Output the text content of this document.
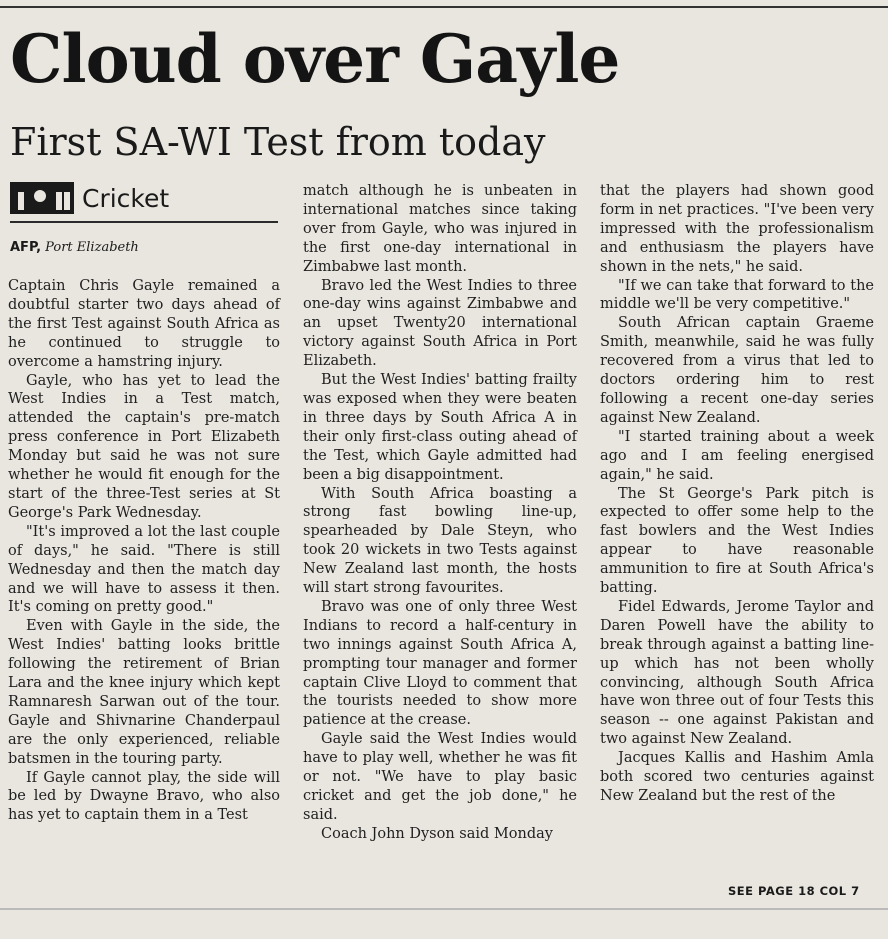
Cloud over Gayle
First SA-WI Test from today
Cricket
AFP, Port Elizabeth

Captain Chris Gayle remained a doubtful starter two days ahead of the first Test against South Africa as he continued to struggle to overcome a hamstring injury.

Gayle, who has yet to lead the West Indies in a Test match, attended the captain's pre-match press conference in Port Elizabeth Monday but said he was not sure whether he would fit enough for the start of the three-Test series at St George's Park Wednesday.

"It's improved a lot the last couple of days," he said. "There is still Wednesday and then the match day and we will have to assess it then. It's coming on pretty good."

Even with Gayle in the side, the West Indies' batting looks brittle following the retirement of Brian Lara and the knee injury which kept Ramnaresh Sarwan out of the tour. Gayle and Shivnarine Chanderpaul are the only experienced, reliable batsmen in the touring party.

If Gayle cannot play, the side will be led by Dwayne Bravo, who also has yet to captain them in a Test

match although he is unbeaten in international matches since taking over from Gayle, who was injured in the first one-day international in Zimbabwe last month.

Bravo led the West Indies to three one-day wins against Zimbabwe and an upset Twenty20 international victory against South Africa in Port Elizabeth.

But the West Indies' batting frailty was exposed when they were beaten in three days by South Africa A in their only first-class outing ahead of the Test, which Gayle admitted had been a big disappointment.

With South Africa boasting a strong fast bowling line-up, spearheaded by Dale Steyn, who took 20 wickets in two Tests against New Zealand last month, the hosts will start strong favourites.

Bravo was one of only three West Indians to record a half-century in two innings against South Africa A, prompting tour manager and former captain Clive Lloyd to comment that the tourists needed to show more patience at the crease.

Gayle said the West Indies would have to play well, whether he was fit or not. "We have to play basic cricket and get the job done," he said.

Coach John Dyson said Monday

that the players had shown good form in net practices. "I've been very impressed with the professionalism and enthusiasm the players have shown in the nets," he said.

"If we can take that forward to the middle we'll be very competitive."

South African captain Graeme Smith, meanwhile, said he was fully recovered from a virus that led to doctors ordering him to rest following a recent one-day series against New Zealand.

"I started training about a week ago and I am feeling energised again," he said.

The St George's Park pitch is expected to offer some help to the fast bowlers and the West Indies appear to have reasonable ammunition to fire at South Africa's batting.

Fidel Edwards, Jerome Taylor and Daren Powell have the ability to break through against a batting line-up which has not been wholly convincing, although South Africa have won three out of four Tests this season -- one against Pakistan and two against New Zealand.

Jacques Kallis and Hashim Amla both scored two centuries against New Zealand but the rest of the

SEE PAGE 18 COL 7
